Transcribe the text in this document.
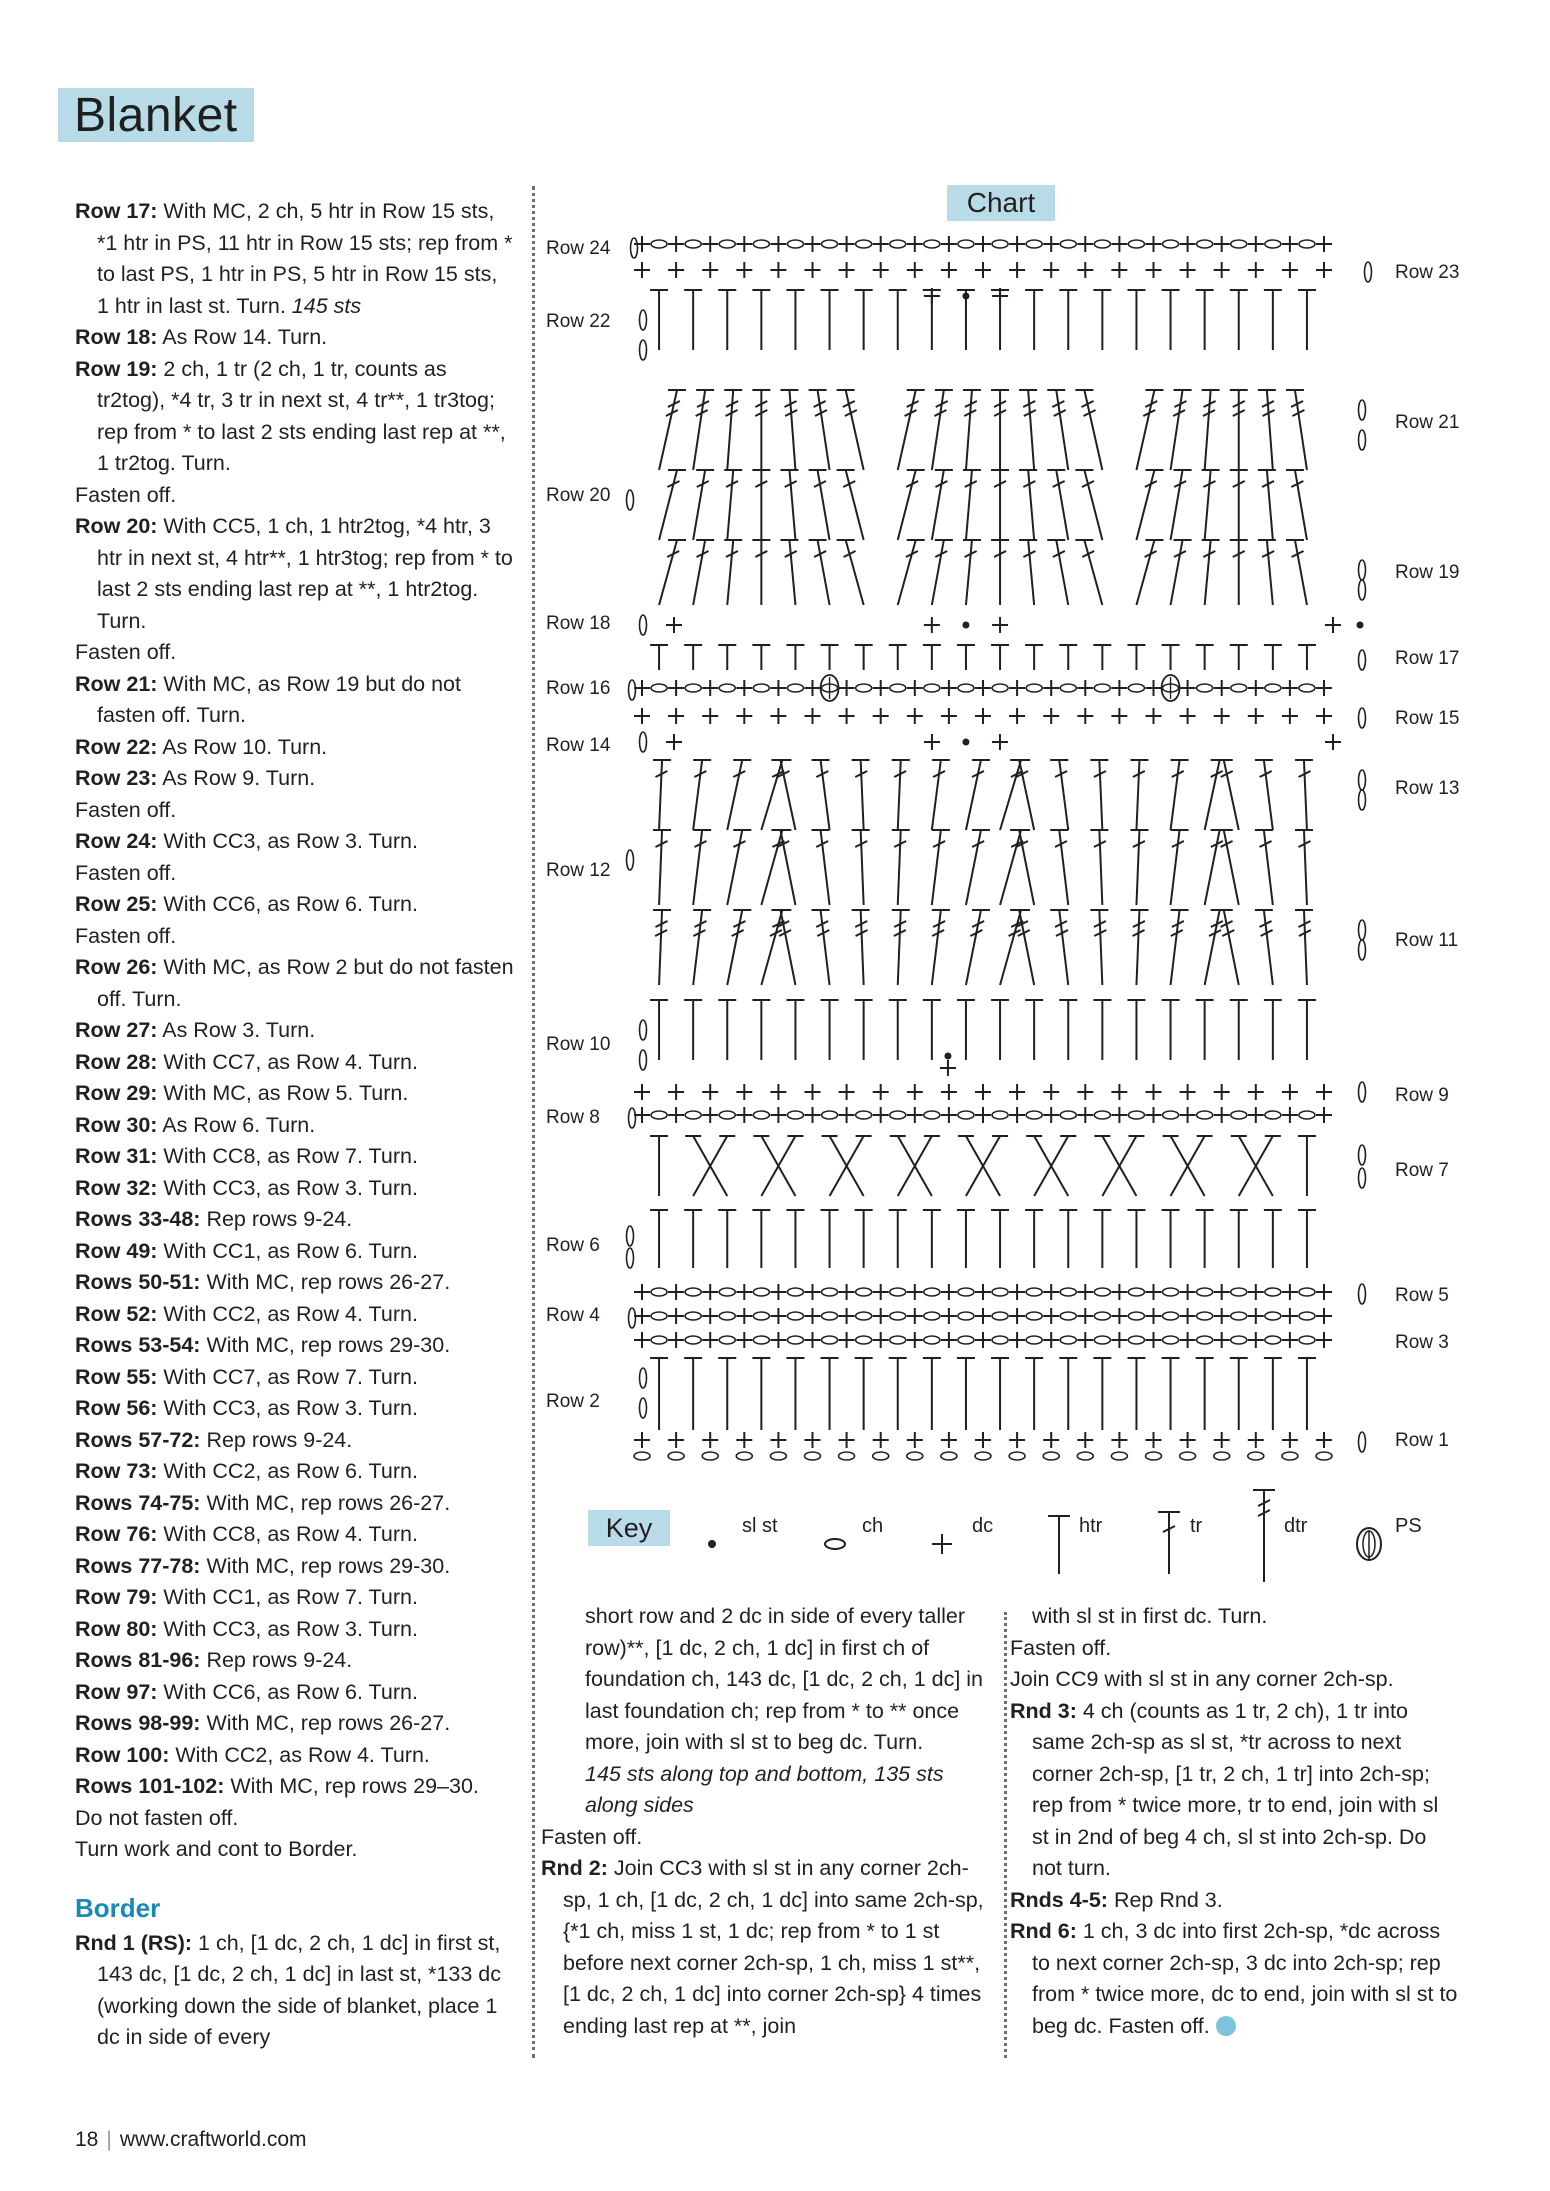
Blanket

Row 17: With MC, 2 ch, 5 htr in Row 15 sts, *1 htr in PS, 11 htr in Row 15 sts; rep from * to last PS, 1 htr in PS, 5 htr in Row 15 sts, 1 htr in last st. Turn. 145 sts

Row 18: As Row 14. Turn.

Row 19: 2 ch, 1 tr (2 ch, 1 tr, counts as tr2tog), *4 tr, 3 tr in next st, 4 tr**, 1 tr3tog; rep from * to last 2 sts ending last rep at **, 1 tr2tog. Turn.

Fasten off.

Row 20: With CC5, 1 ch, 1 htr2tog, *4 htr, 3 htr in next st, 4 htr**, 1 htr3tog; rep from * to last 2 sts ending last rep at **, 1 htr2tog. Turn.

Fasten off.

Row 21: With MC, as Row 19 but do not fasten off. Turn.

Row 22: As Row 10. Turn.

Row 23: As Row 9. Turn.

Fasten off.

Row 24: With CC3, as Row 3. Turn.

Fasten off.

Row 25: With CC6, as Row 6. Turn.

Fasten off.

Row 26: With MC, as Row 2 but do not fasten off. Turn.

Row 27: As Row 3. Turn.

Row 28: With CC7, as Row 4. Turn.

Row 29: With MC, as Row 5. Turn.

Row 30: As Row 6. Turn.

Row 31: With CC8, as Row 7. Turn.

Row 32: With CC3, as Row 3. Turn.

Rows 33-48: Rep rows 9-24.

Row 49: With CC1, as Row 6. Turn.

Rows 50-51: With MC, rep rows 26-27.

Row 52: With CC2, as Row 4. Turn.

Rows 53-54: With MC, rep rows 29-30.

Row 55: With CC7, as Row 7. Turn.

Row 56: With CC3, as Row 3. Turn.

Rows 57-72: Rep rows 9-24.

Row 73: With CC2, as Row 6. Turn.

Rows 74-75: With MC, rep rows 26-27.

Row 76: With CC8, as Row 4. Turn.

Rows 77-78: With MC, rep rows 29-30.

Row 79: With CC1, as Row 7. Turn.

Row 80: With CC3, as Row 3. Turn.

Rows 81-96: Rep rows 9-24.

Row 97: With CC6, as Row 6. Turn.

Rows 98-99: With MC, rep rows 26-27.

Row 100: With CC2, as Row 4. Turn.

Rows 101-102: With MC, rep rows 29–30.

Do not fasten off.

Turn work and cont to Border.

Border

Rnd 1 (RS): 1 ch, [1 dc, 2 ch, 1 dc] in first st, 143 dc, [1 dc, 2 ch, 1 dc] in last st, *133 dc (working down the side of blanket, place 1 dc in side of every

Chart
Row 24
Row 22
Row 20
Row 18
Row 16
Row 14
Row 12
Row 10
Row 8
Row 6
Row 4
Row 2
Row 23
Row 21
Row 19
Row 17
Row 15
Row 13
Row 11
Row 9
Row 7
Row 5
Row 3
Row 1
Key	sl st	ch	dc	htr	tr	dtr	PS

short row and 2 dc in side of every taller row)**, [1 dc, 2 ch, 1 dc] in first ch of foundation ch, 143 dc, [1 dc, 2 ch, 1 dc] in last foundation ch; rep from * to ** once more, join with sl st to beg dc. Turn.
145 sts along top and bottom, 135 sts along sides

Fasten off.

Rnd 2: Join CC3 with sl st in any corner 2ch-sp, 1 ch, [1 dc, 2 ch, 1 dc] into same 2ch-sp, {*1 ch, miss 1 st, 1 dc; rep from * to 1 st before next corner 2ch-sp, 1 ch, miss 1 st**, [1 dc, 2 ch, 1 dc] into corner 2ch-sp} 4 times ending last rep at **, join

with sl st in first dc. Turn.

Fasten off.

Join CC9 with sl st in any corner 2ch-sp.

Rnd 3: 4 ch (counts as 1 tr, 2 ch), 1 tr into same 2ch-sp as sl st, *tr across to next corner 2ch-sp, [1 tr, 2 ch, 1 tr] into 2ch-sp; rep from * twice more, tr to end, join with sl st in 2nd of beg 4 ch, sl st into 2ch-sp. Do not turn.

Rnds 4-5: Rep Rnd 3.

Rnd 6: 1 ch, 3 dc into first 2ch-sp, *dc across to next corner 2ch-sp, 3 dc into 2ch-sp; rep from * twice more, dc to end, join with sl st to beg dc. Fasten off.

18 | www.craftworld.com
